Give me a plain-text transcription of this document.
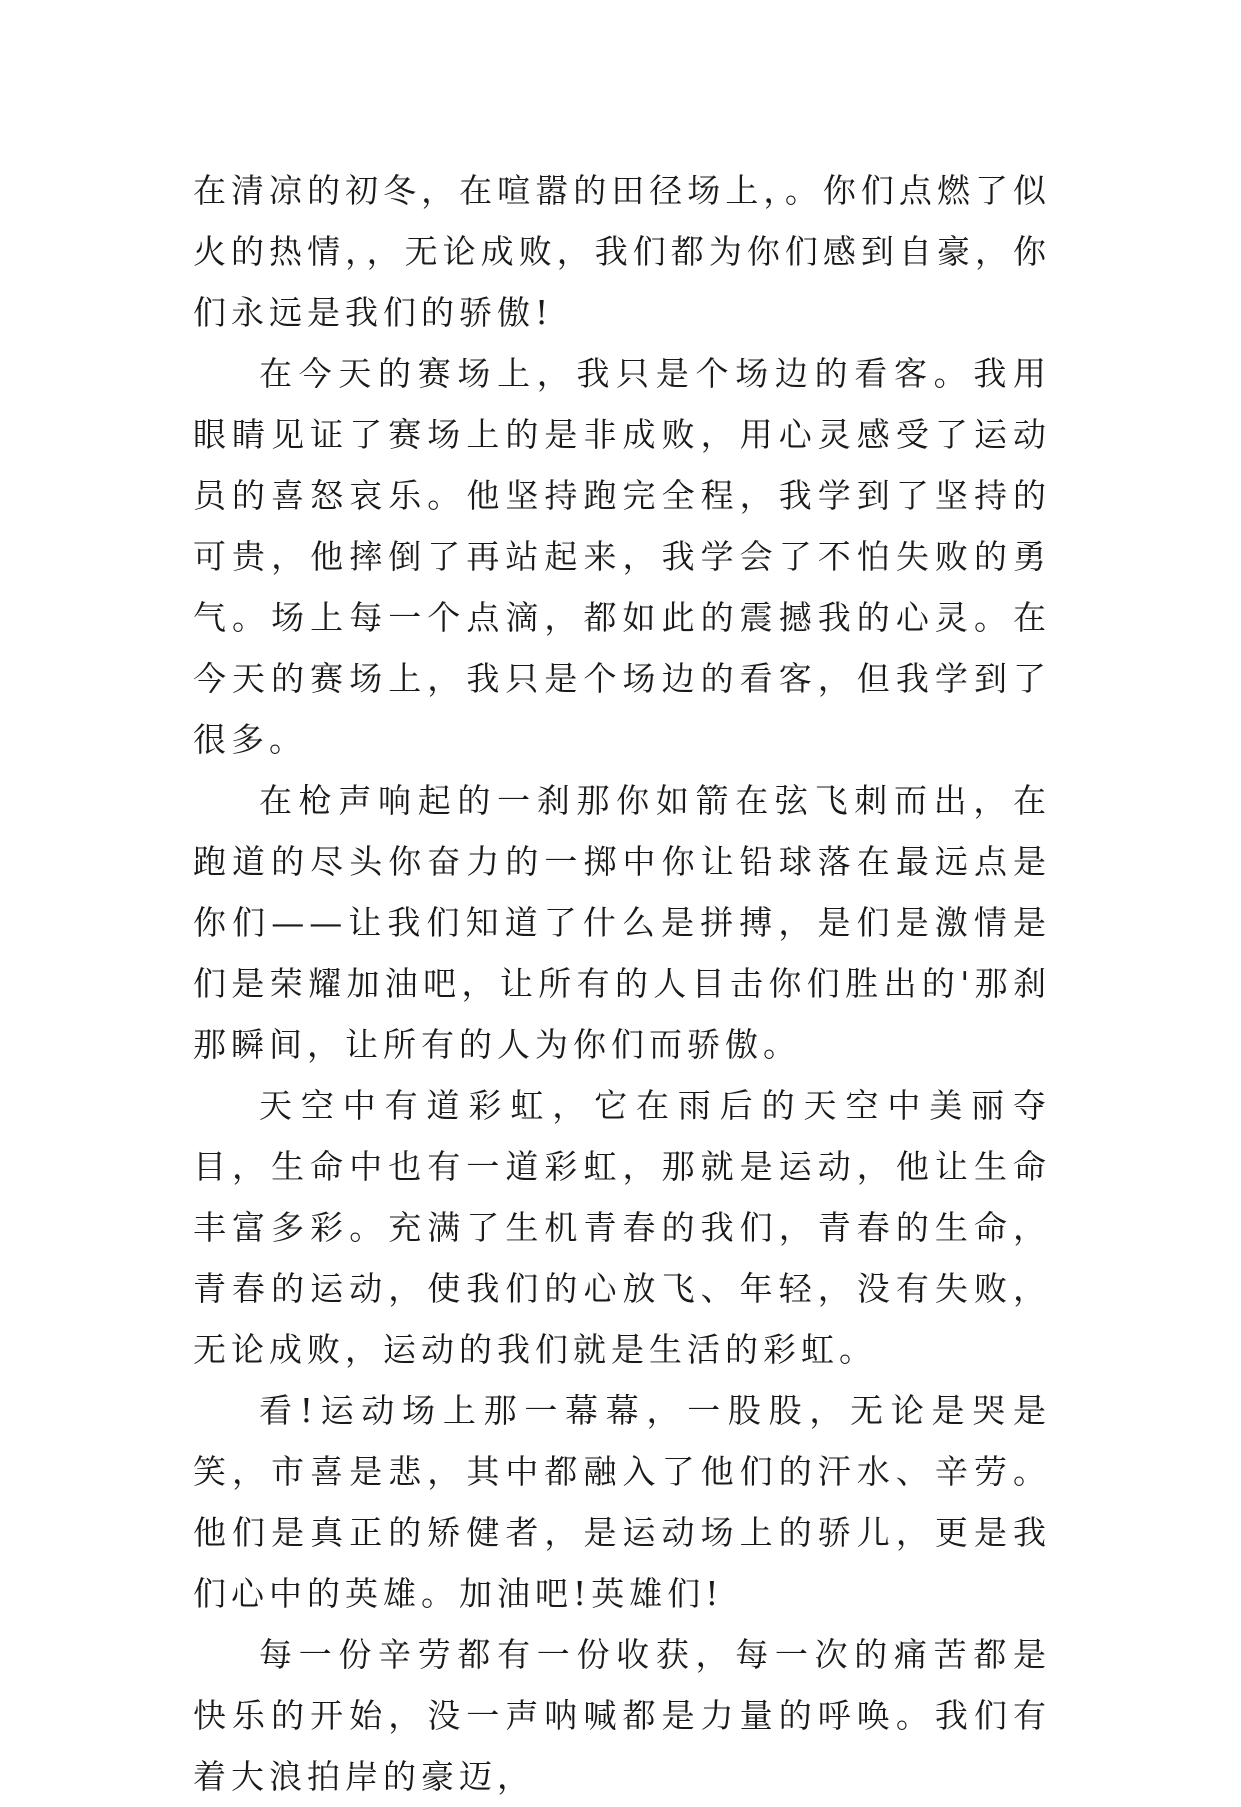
在清凉的初冬，在喧嚣的田径场上，。你们点燃了似火的热情，，无论成败，我们都为你们感到自豪，你们永远是我们的骄傲!

在今天的赛场上，我只是个场边的看客。我用眼睛见证了赛场上的是非成败，用心灵感受了运动员的喜怒哀乐。他坚持跑完全程，我学到了坚持的可贵，他摔倒了再站起来，我学会了不怕失败的勇气。场上每一个点滴，都如此的震撼我的心灵。在今天的赛场上，我只是个场边的看客，但我学到了很多。

在枪声响起的一刹那你如箭在弦飞刺而出，在跑道的尽头你奋力的一掷中你让铅球落在最远点是你们——让我们知道了什么是拼搏，是们是激情是们是荣耀加油吧，让所有的人目击你们胜出的'那刹那瞬间，让所有的人为你们而骄傲。

天空中有道彩虹，它在雨后的天空中美丽夺目，生命中也有一道彩虹，那就是运动，他让生命丰富多彩。充满了生机青春的我们，青春的生命，青春的运动，使我们的心放飞、年轻，没有失败，无论成败，运动的我们就是生活的彩虹。

看!运动场上那一幕幕，一股股，无论是哭是笑，市喜是悲，其中都融入了他们的汗水、辛劳。他们是真正的矫健者，是运动场上的骄儿，更是我们心中的英雄。加油吧!英雄们!

每一份辛劳都有一份收获，每一次的痛苦都是快乐的开始，没一声呐喊都是力量的呼唤。我们有着大浪拍岸的豪迈，
